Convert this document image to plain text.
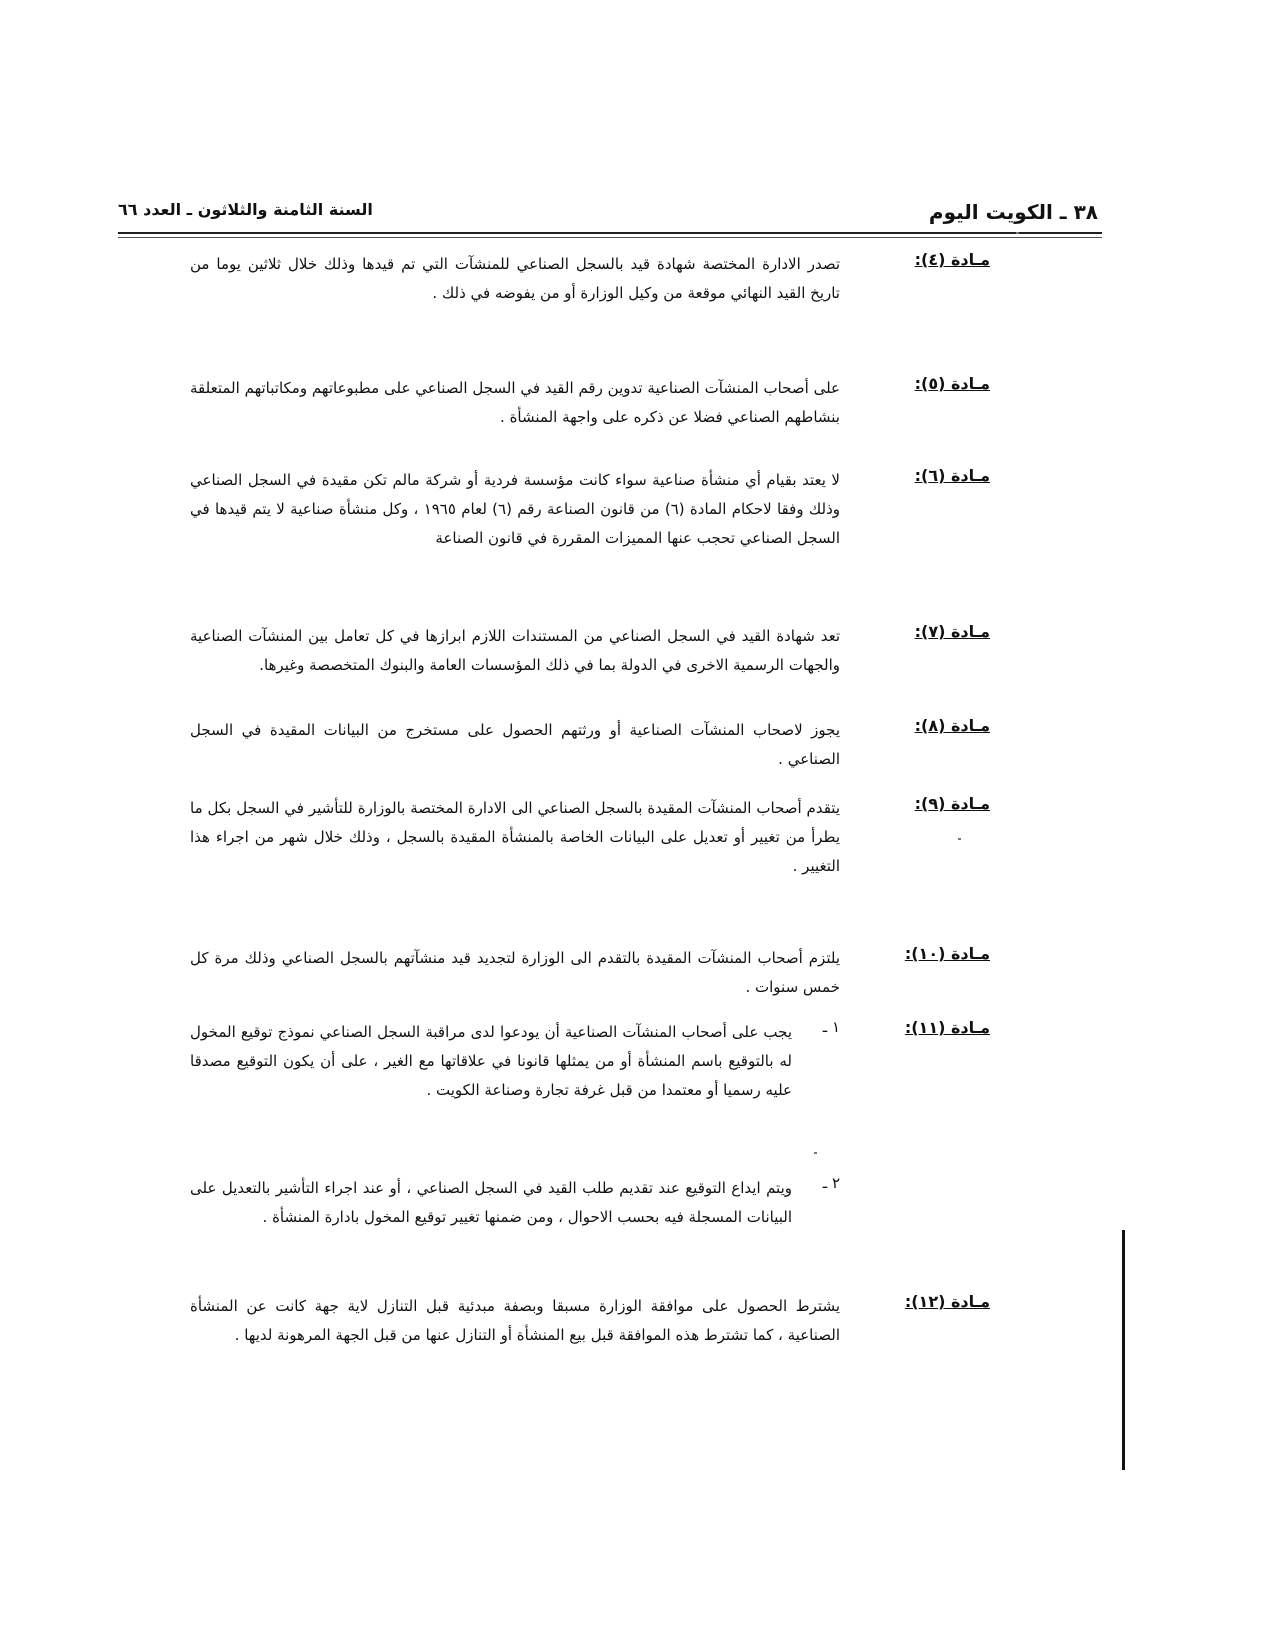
٣٨ ـ الكويت اليوم
السنة الثامنة والثلاثون ـ العدد ٦٦
مـادة (٤):
تصدر الادارة المختصة شهادة قيد بالسجل الصناعي للمنشآت التي تم قيدها وذلك خلال ثلاثين يوما من تاريخ القيد النهائي موقعة من وكيل الوزارة أو من يفوضه في ذلك .
مـادة (٥):
على أصحاب المنشآت الصناعية تدوين رقم القيد في السجل الصناعي على مطبوعاتهم ومكاتباتهم المتعلقة بنشاطهم الصناعي فضلا عن ذكره على واجهة المنشأة .
مـادة (٦):
لا يعتد بقيام أي منشأة صناعية سواء كانت مؤسسة فردية أو شركة مالم تكن مقيدة في السجل الصناعي وذلك وفقا لاحكام المادة (٦) من قانون الصناعة رقم (٦) لعام ١٩٦٥ ، وكل منشأة صناعية لا يتم قيدها في السجل الصناعي تحجب عنها المميزات المقررة في قانون الصناعة
مـادة (٧):
تعد شهادة القيد في السجل الصناعي من المستندات اللازم ابرازها في كل تعامل بين المنشآت الصناعية والجهات الرسمية الاخرى في الدولة بما في ذلك المؤسسات العامة والبنوك المتخصصة وغيرها.
مـادة (٨):
يجوز لاصحاب المنشآت الصناعية أو ورثتهم الحصول على مستخرج من البيانات المقيدة في السجل الصناعي .
مـادة (٩):
يتقدم أصحاب المنشآت المقيدة بالسجل الصناعي الى الادارة المختصة بالوزارة للتأشير في السجل بكل ما يطرأ من تغيير أو تعديل على البيانات الخاصة بالمنشأة المقيدة بالسجل ، وذلك خلال شهر من اجراء هذا التغيير .
مـادة (١٠):
يلتزم أصحاب المنشآت المقيدة بالتقدم الى الوزارة لتجديد قيد منشآتهم بالسجل الصناعي وذلك مرة كل خمس سنوات .
مـادة (١١):
١ ـ
يجب على أصحاب المنشآت الصناعية أن يودعوا لدى مراقبة السجل الصناعي نموذج توقيع المخول له بالتوقيع باسم المنشأة أو من يمثلها قانونا في علاقاتها مع الغير ، على أن يكون التوقيع مصدقا عليه رسميا أو معتمدا من قبل غرفة تجارة وصناعة الكويت .
٢ ـ
ويتم ايداع التوقيع عند تقديم طلب القيد في السجل الصناعي ، أو عند اجراء التأشير بالتعديل على البيانات المسجلة فيه بحسب الاحوال ، ومن ضمنها تغيير توقيع المخول بادارة المنشأة .
مـادة (١٢):
يشترط الحصول على موافقة الوزارة مسبقا وبصفة مبدئية قبل التنازل لاية جهة كانت عن المنشأة الصناعية ، كما تشترط هذه الموافقة قبل بيع المنشأة أو التنازل عنها من قبل الجهة المرهونة لديها .
